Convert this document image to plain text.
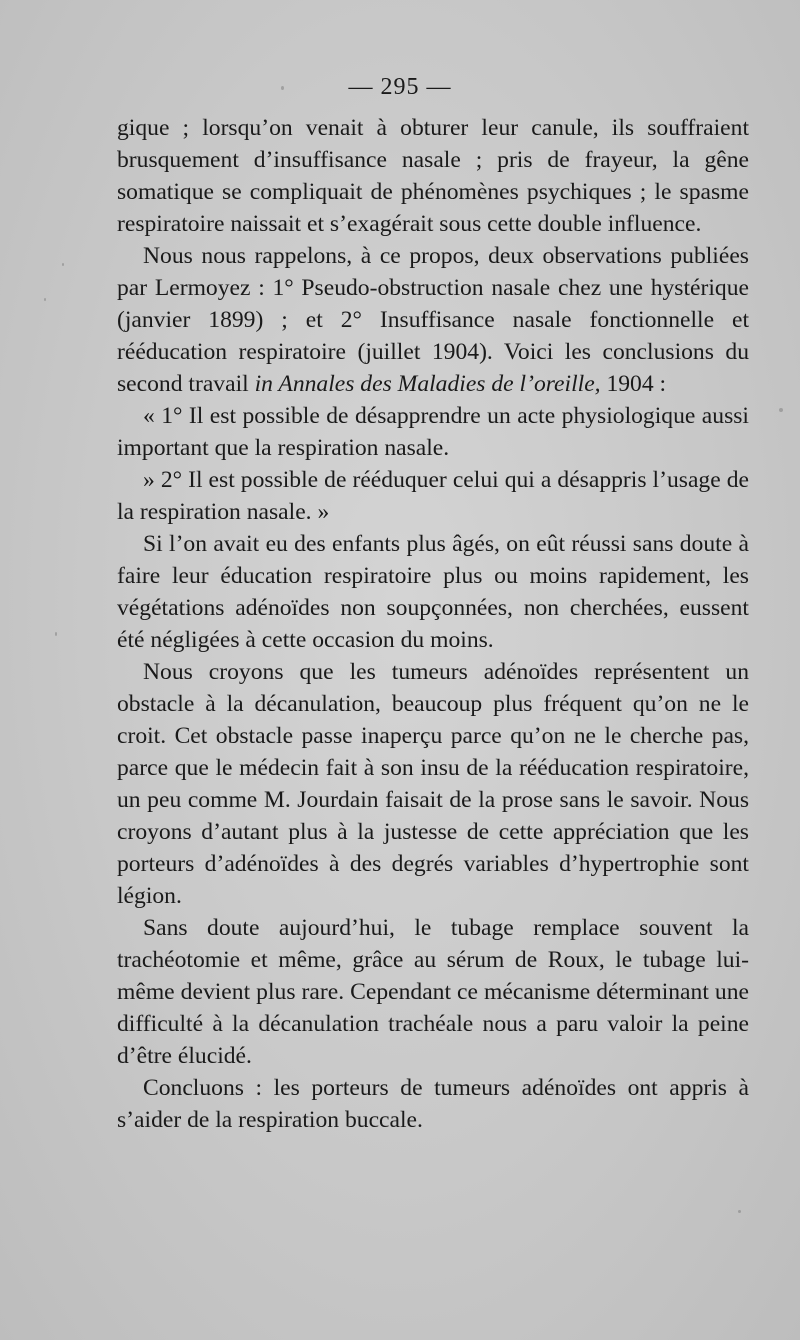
— 295 —

gique ; lorsqu’on venait à obturer leur canule, ils souffraient brusquement d’insuffisance nasale ; pris de frayeur, la gêne somatique se compliquait de phénomènes psychiques ; le spasme respiratoire naissait et s’exagérait sous cette double influence.

Nous nous rappelons, à ce propos, deux observations publiées par Lermoyez : 1° Pseudo-obstruction nasale chez une hystérique (janvier 1899) ; et 2° Insuffisance nasale fonctionnelle et rééducation respiratoire (juillet 1904). Voici les conclusions du second travail in Annales des Maladies de l’oreille, 1904 :

« 1° Il est possible de désapprendre un acte physiologique aussi important que la respiration nasale.

» 2° Il est possible de rééduquer celui qui a désappris l’usage de la respiration nasale. »

Si l’on avait eu des enfants plus âgés, on eût réussi sans doute à faire leur éducation respiratoire plus ou moins rapidement, les végétations adénoïdes non soupçonnées, non cherchées, eussent été négligées à cette occasion du moins.

Nous croyons que les tumeurs adénoïdes représentent un obstacle à la décanulation, beaucoup plus fréquent qu’on ne le croit. Cet obstacle passe inaperçu parce qu’on ne le cherche pas, parce que le médecin fait à son insu de la rééducation respiratoire, un peu comme M. Jourdain faisait de la prose sans le savoir. Nous croyons d’autant plus à la justesse de cette appréciation que les porteurs d’adénoïdes à des degrés variables d’hypertrophie sont légion.

Sans doute aujourd’hui, le tubage remplace souvent la trachéotomie et même, grâce au sérum de Roux, le tubage lui-même devient plus rare. Cependant ce mécanisme déterminant une difficulté à la décanulation trachéale nous a paru valoir la peine d’être élucidé.

Concluons : les porteurs de tumeurs adénoïdes ont appris à s’aider de la respiration buccale.
